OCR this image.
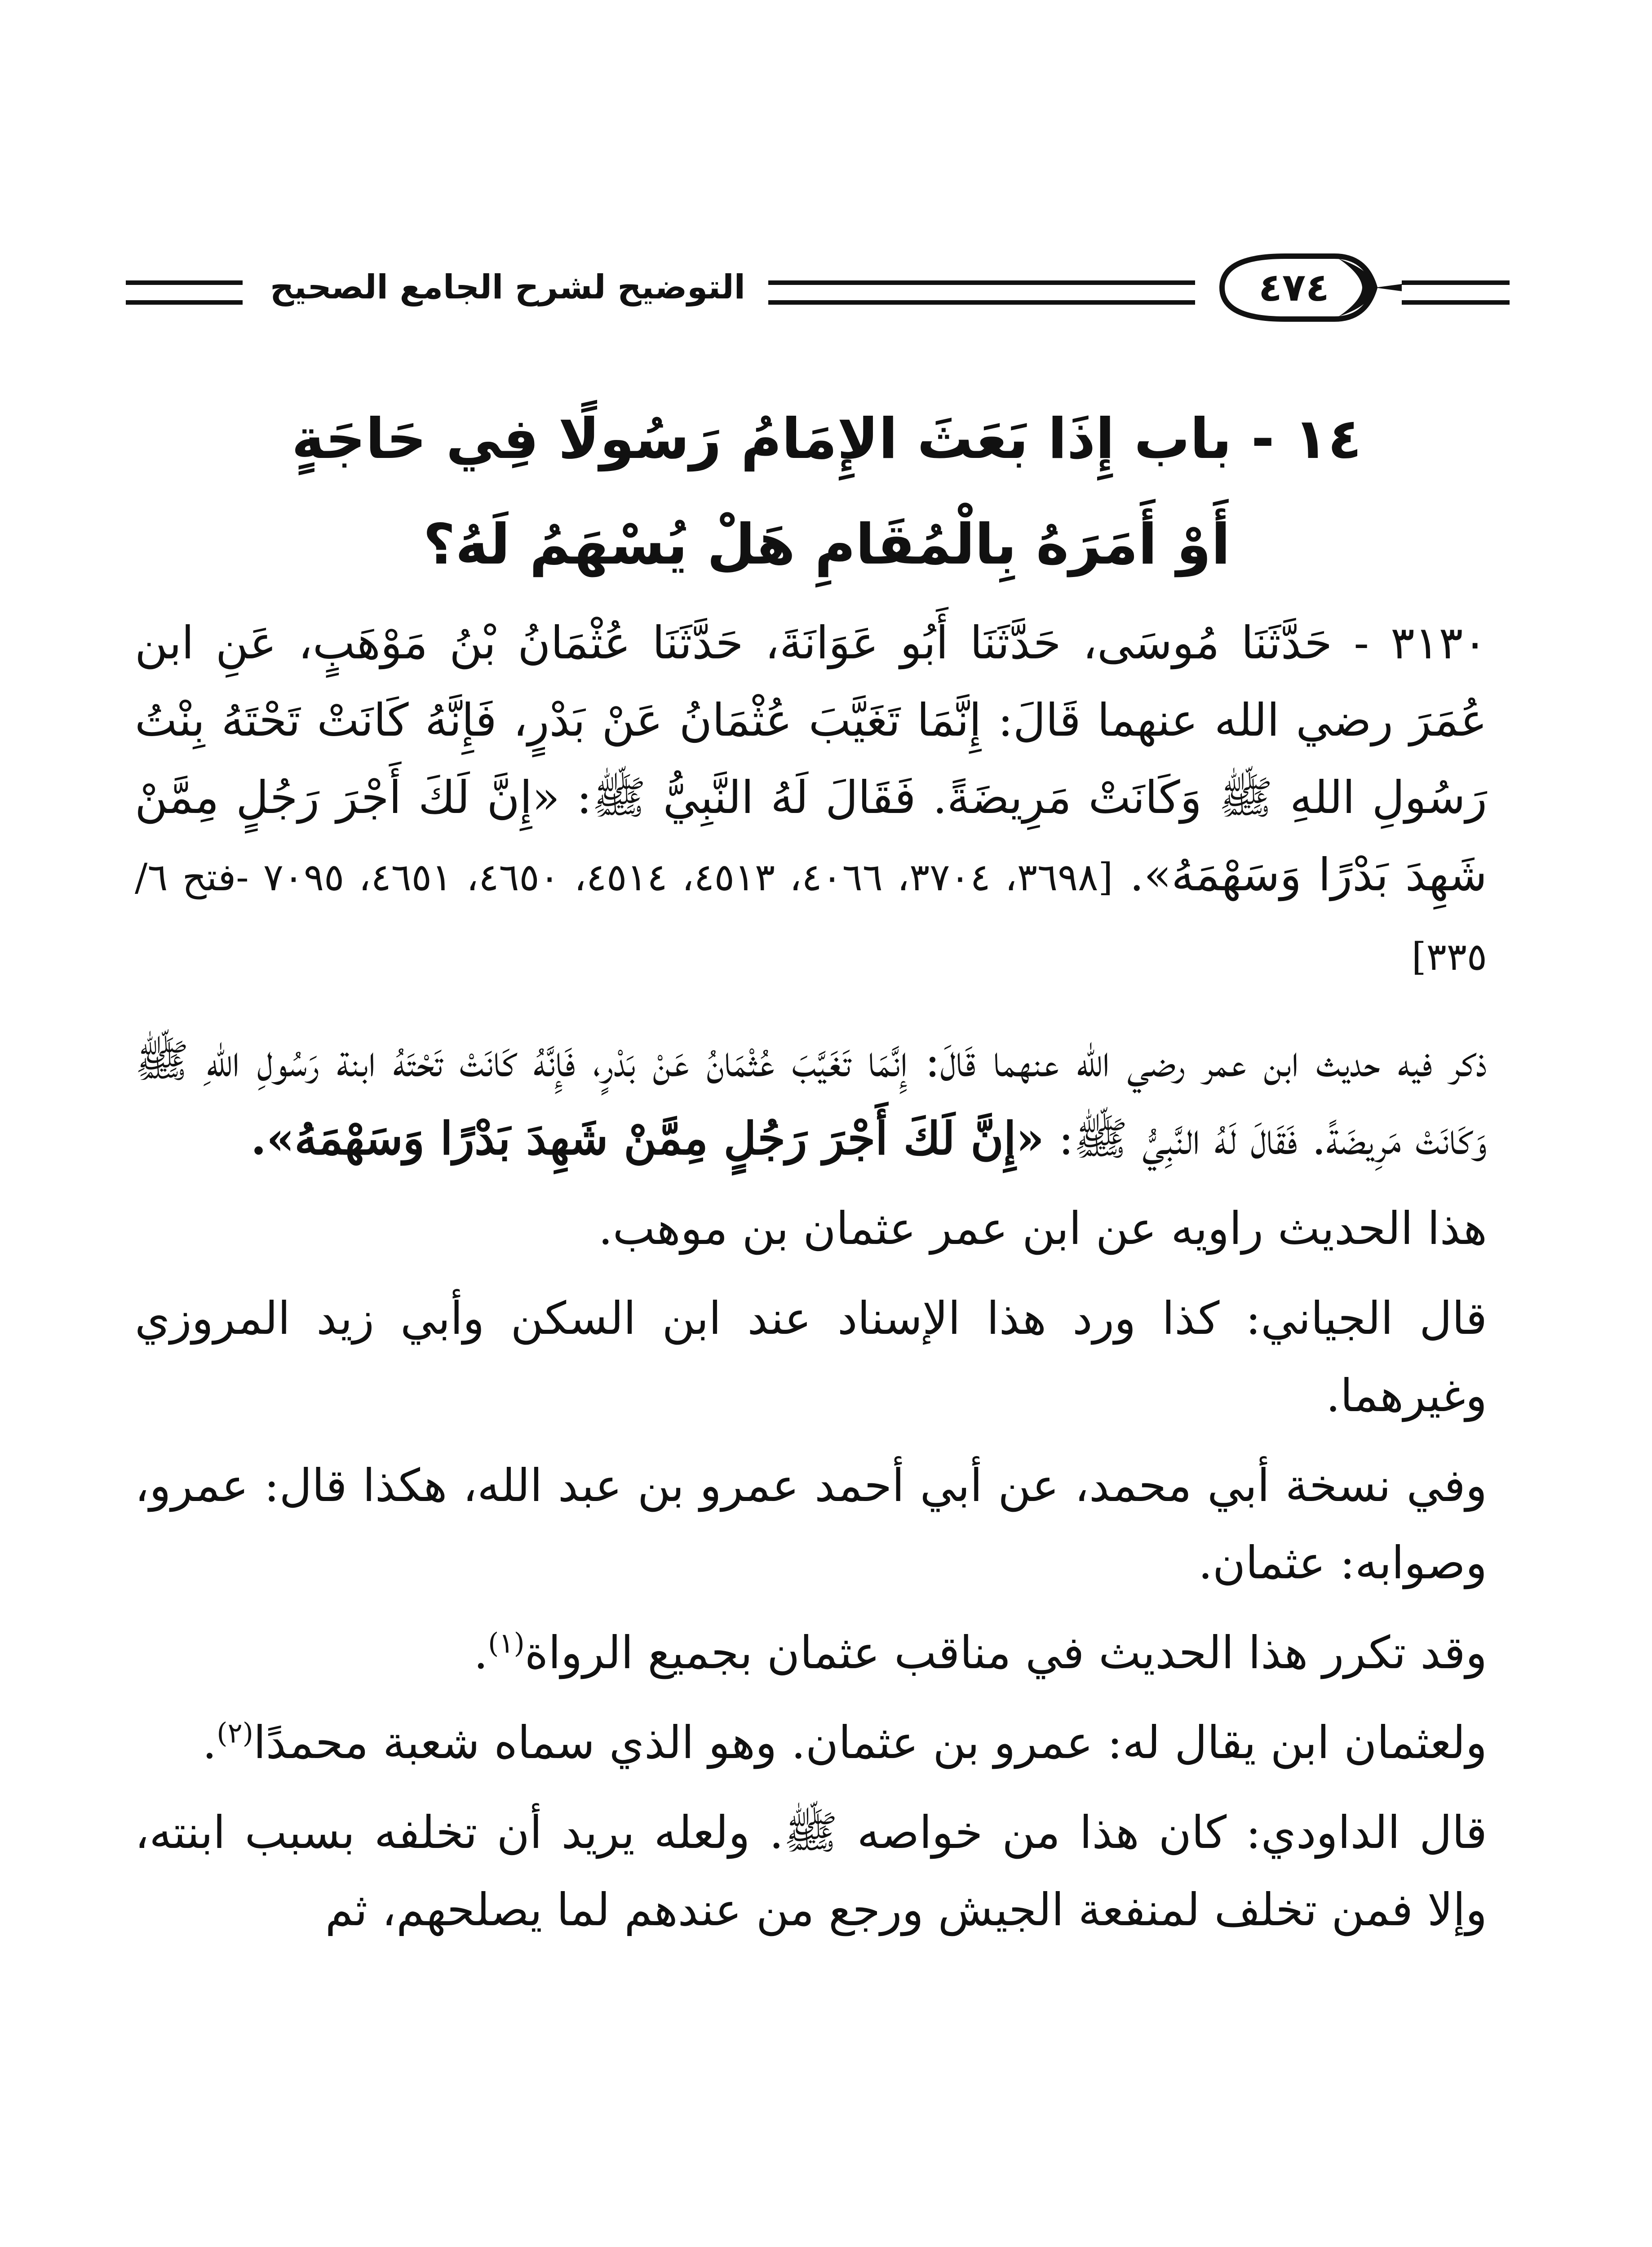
التوضيح لشرح الجامع الصحيح	٤٧٤
١٤ - باب إِذَا بَعَثَ الإِمَامُ رَسُولًا فِي حَاجَةٍ
أَوْ أَمَرَهُ بِالْمُقَامِ هَلْ يُسْهَمُ لَهُ؟

٣١٣٠ - حَدَّثَنَا مُوسَى، حَدَّثَنَا أَبُو عَوَانَةَ، حَدَّثَنَا عُثْمَانُ بْنُ مَوْهَبٍ، عَنِ ابن عُمَرَ رضي الله عنهما قَالَ: إِنَّمَا تَغَيَّبَ عُثْمَانُ عَنْ بَدْرٍ، فَإِنَّهُ كَانَتْ تَحْتَهُ بِنْتُ رَسُولِ اللهِ ﷺ وَكَانَتْ مَرِيضَةً. فَقَالَ لَهُ النَّبِيُّ ﷺ: «إِنَّ لَكَ أَجْرَ رَجُلٍ مِمَّنْ شَهِدَ بَدْرًا وَسَهْمَهُ». [٣٦٩٨، ٣٧٠٤، ٤٠٦٦، ٤٥١٣، ٤٥١٤، ٤٦٥٠، ٤٦٥١، ٧٠٩٥ -فتح ٦/ ٣٣٥]

ذكر فيه حديث ابن عمر رضي الله عنهما قَالَ: إِنَّمَا تَغَيَّبَ عُثْمَانُ عَنْ بَدْرٍ، فَإِنَّهُ كَانَتْ تَحْتَهُ ابنة رَسُولِ اللهِ ﷺ وَكَانَتْ مَرِيضَةً. فَقَالَ لَهُ النَّبِيُّ ﷺ: «إِنَّ لَكَ أَجْرَ رَجُلٍ مِمَّنْ شَهِدَ بَدْرًا وَسَهْمَهُ».

هذا الحديث راويه عن ابن عمر عثمان بن موهب.

قال الجياني: كذا ورد هذا الإسناد عند ابن السكن وأبي زيد المروزي وغيرهما.

وفي نسخة أبي محمد، عن أبي أحمد عمرو بن عبد الله، هكذا قال: عمرو، وصوابه: عثمان.

وقد تكرر هذا الحديث في مناقب عثمان بجميع الرواة$^{(١)}$.

ولعثمان ابن يقال له: عمرو بن عثمان. وهو الذي سماه شعبة محمدًا$^{(٢)}$.

قال الداودي: كان هذا من خواصه ﷺ. ولعله يريد أن تخلفه بسبب ابنته، وإلا فمن تخلف لمنفعة الجيش ورجع من عندهم لما يصلحهم، ثم
